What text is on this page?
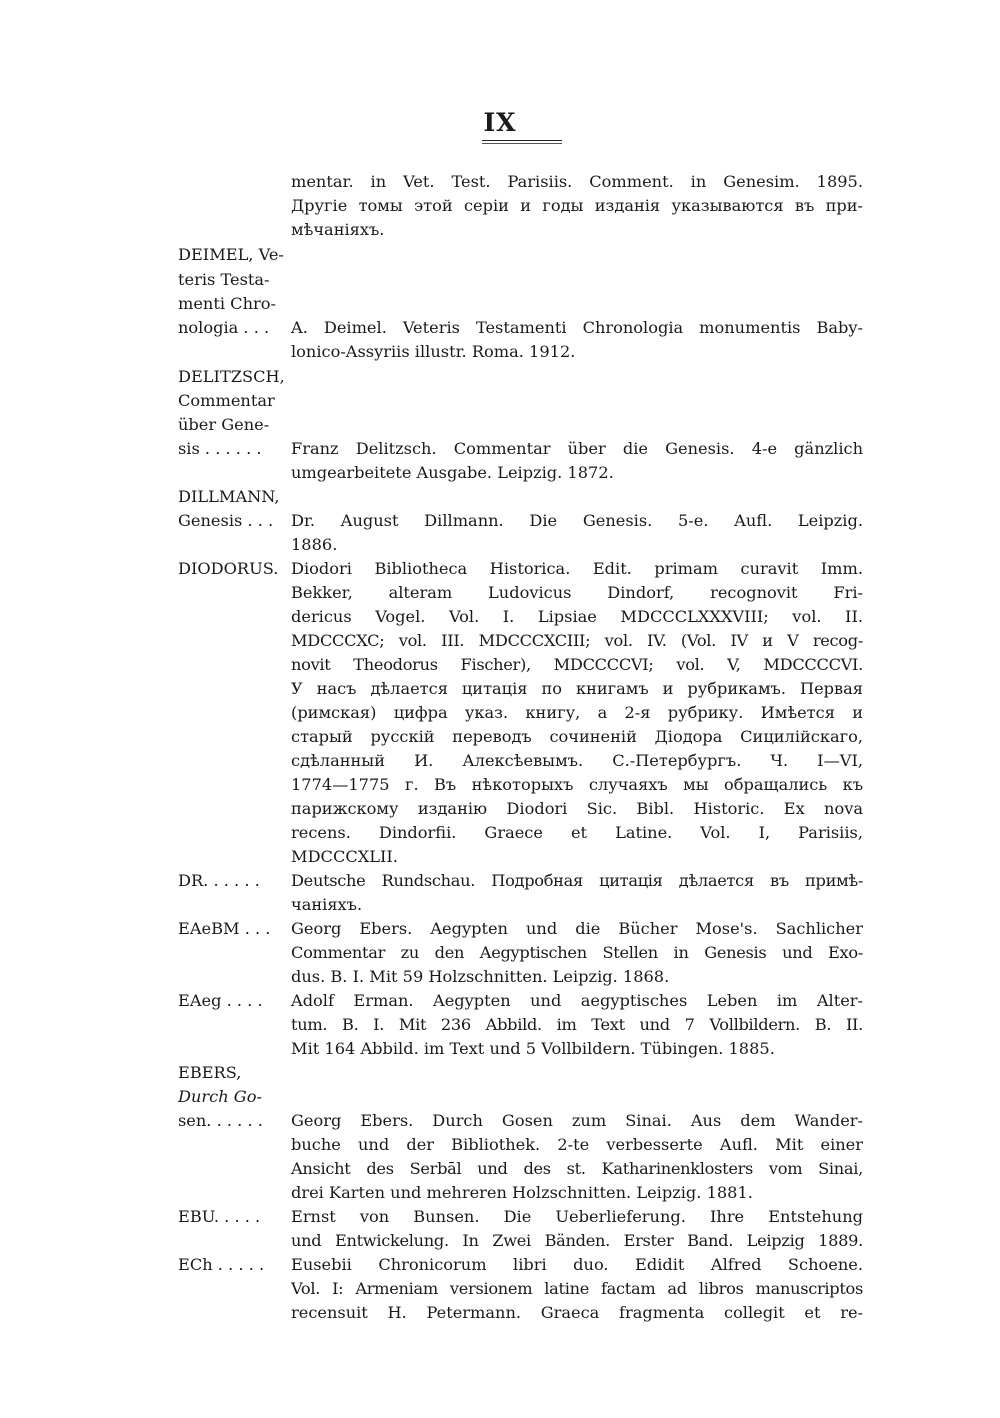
IX
mentar. in Vet. Test. Parisiis. Comment. in Genesim. 1895.
Другіе томы этой серіи и годы изданія указываются въ при-
мѣчаніяхъ.
DEIMEL, Ve-
teris Testa-
menti Chro-
nologia . . . A. Deimel. Veteris Testamenti Chronologia monumentis Baby-
lonico-Assyriis illustr. Roma. 1912.
DELITZSCH,
Commentar
über Gene-
sis . . . . . . Franz Delitzsch. Commentar über die Genesis. 4-е gänzlich
umgearbeitete Ausgabe. Leipzig. 1872.
DILLMANN,
Genesis . . . Dr. August Dillmann. Die Genesis. 5-е. Aufl. Leipzig.
1886.
DIODORUS. Diodori Bibliotheca Historica. Edit. primam curavit Imm.
Bekker, alteram Ludovicus Dindorf, recognovit Fri-
dericus Vogel. Vol. I. Lipsiae MDCCCLXXXVIII; vol. II.
MDCCCXC; vol. III. MDCCCXCIII; vol. IV. (Vol. IV и V recog-
novit Theodorus Fischer), MDCCCCVI; vol. V, MDCCCCVI.
У насъ дѣлается цитація по книгамъ и рубрикамъ. Первая
(римская) цифра указ. книгу, а 2-я рубрику. Имѣется и
старый русскій переводъ сочиненій Діодора Сицилійскаго,
сдѣланный И. Алексѣевымъ. С.-Петербургъ. Ч. I—VI,
1774—1775 г. Въ нѣкоторыхъ случаяхъ мы обращались къ
парижскому изданію Diodori Sic. Bibl. Historic. Ex nova
recens. Dindorfii. Graece et Latine. Vol. I, Parisiis,
MDCCCXLII.
DR. . . . . . Deutsche Rundschau. Подробная цитація дѣлается въ примѣ-
чаніяхъ.
EAeBM . . . Georg Ebers. Aegypten und die Bücher Mose's. Sachlicher
Commentar zu den Aegyptischen Stellen in Genesis und Exo-
dus. B. I. Mit 59 Holzschnitten. Leipzig. 1868.
EAeg . . . . Adolf Erman. Aegypten und aegyptisches Leben im Alter-
tum. B. I. Mit 236 Abbild. im Text und 7 Vollbildern. B. II.
Mit 164 Abbild. im Text und 5 Vollbildern. Tübingen. 1885.
EBERS,
Durch Go-
sen. . . . . . Georg Ebers. Durch Gosen zum Sinai. Aus dem Wander-
buche und der Bibliothek. 2-te verbesserte Aufl. Mit einer
Ansicht des Serbāl und des st. Katharinenklosters vom Sinai,
drei Karten und mehreren Holzschnitten. Leipzig. 1881.
EBU. . . . . Ernst von Bunsen. Die Ueberlieferung. Ihre Entstehung
und Entwickelung. In Zwei Bänden. Erster Band. Leipzig 1889.
ECh . . . . . Eusebii Chronicorum libri duo. Edidit Alfred Schoene.
Vol. I: Armeniam versionem latine factam ad libros manuscriptos
recensuit H. Petermann. Graeca fragmenta collegit et re-
